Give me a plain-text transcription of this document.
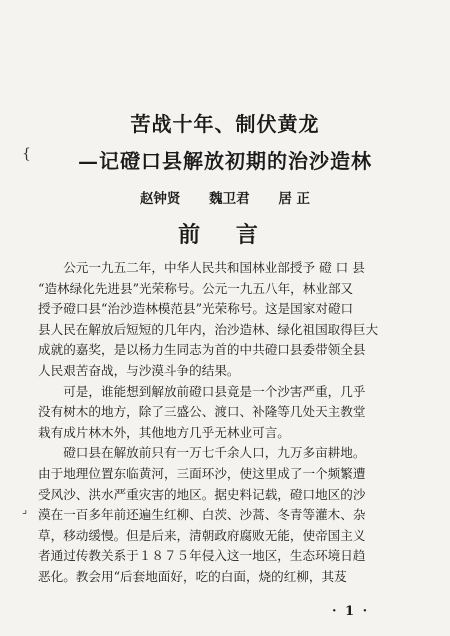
{
⌟
苦战十年、制伏黄龙
—记磴口县解放初期的治沙造林
赵钟贤 魏卫君 居 正
前 言
公元一九五二年，中华人民共和国林业部授予 磴 口 县
“造林绿化先进县”光荣称号。公元一九五八年，林业部又
授予磴口县“治沙造林模范县”光荣称号。这是国家对磴口
县人民在解放后短短的几年内，治沙造林、绿化祖国取得巨大
成就的嘉奖，是以杨力生同志为首的中共磴口县委带领全县
人民艰苦奋战，与沙漠斗争的结果。
可是，谁能想到解放前磴口县竟是一个沙害严重，几乎
没有树木的地方，除了三盛公、渡口、补隆等几处天主教堂
栽有成片林木外，其他地方几乎无林业可言。
磴口县在解放前只有一万七千余人口，九万多亩耕地。
由于地理位置东临黄河，三面环沙，使这里成了一个频繁遭
受风沙、洪水严重灾害的地区。据史料记载，磴口地区的沙
漠在一百多年前还遍生红柳、白茨、沙蒿、冬青等灌木、杂
草，移动缓慢。但是后来，清朝政府腐败无能，使帝国主义
者通过传教关系于１８７５年侵入这一地区，生态环境日趋
恶化。教会用“后套地面好，吃的白面，烧的红柳，其芨
· 1 ·
